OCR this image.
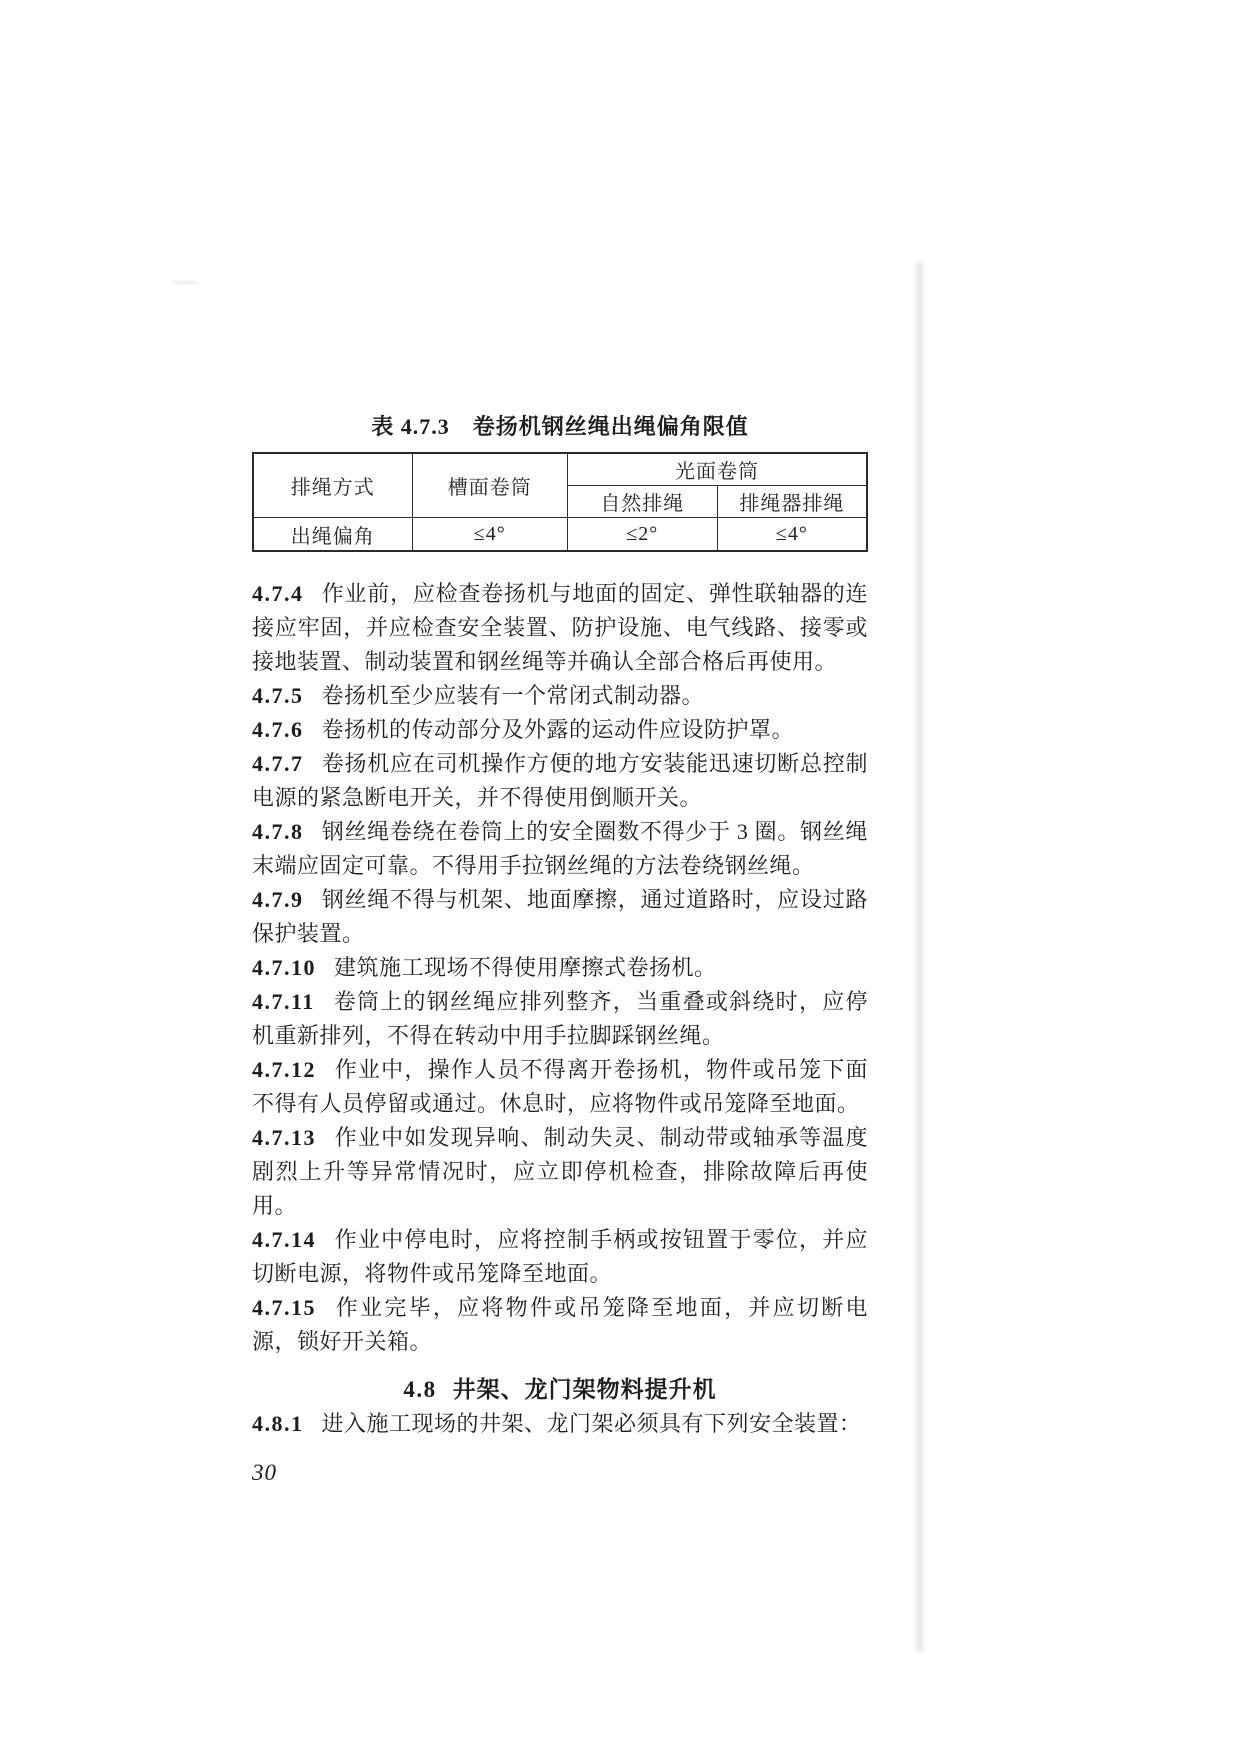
表 4.7.3　卷扬机钢丝绳出绳偏角限值
排绳方式	槽面卷筒	光面卷筒	
		自然排绳	排绳器排绳
出绳偏角	≤4°	≤2°	≤4°

4.7.4 作业前，应检查卷扬机与地面的固定、弹性联轴器的连接应牢固，并应检查安全装置、防护设施、电气线路、接零或接地装置、制动装置和钢丝绳等并确认全部合格后再使用。

4.7.5 卷扬机至少应装有一个常闭式制动器。

4.7.6 卷扬机的传动部分及外露的运动件应设防护罩。

4.7.7 卷扬机应在司机操作方便的地方安装能迅速切断总控制电源的紧急断电开关，并不得使用倒顺开关。

4.7.8 钢丝绳卷绕在卷筒上的安全圈数不得少于 3 圈。钢丝绳末端应固定可靠。不得用手拉钢丝绳的方法卷绕钢丝绳。

4.7.9 钢丝绳不得与机架、地面摩擦，通过道路时，应设过路保护装置。

4.7.10 建筑施工现场不得使用摩擦式卷扬机。

4.7.11 卷筒上的钢丝绳应排列整齐，当重叠或斜绕时，应停机重新排列，不得在转动中用手拉脚踩钢丝绳。

4.7.12 作业中，操作人员不得离开卷扬机，物件或吊笼下面不得有人员停留或通过。休息时，应将物件或吊笼降至地面。

4.7.13 作业中如发现异响、制动失灵、制动带或轴承等温度剧烈上升等异常情况时，应立即停机检查，排除故障后再使用。

4.7.14 作业中停电时，应将控制手柄或按钮置于零位，并应切断电源，将物件或吊笼降至地面。

4.7.15 作业完毕，应将物件或吊笼降至地面，并应切断电源，锁好开关箱。

4.8 井架、龙门架物料提升机

4.8.1 进入施工现场的井架、龙门架必须具有下列安全装置：

30
